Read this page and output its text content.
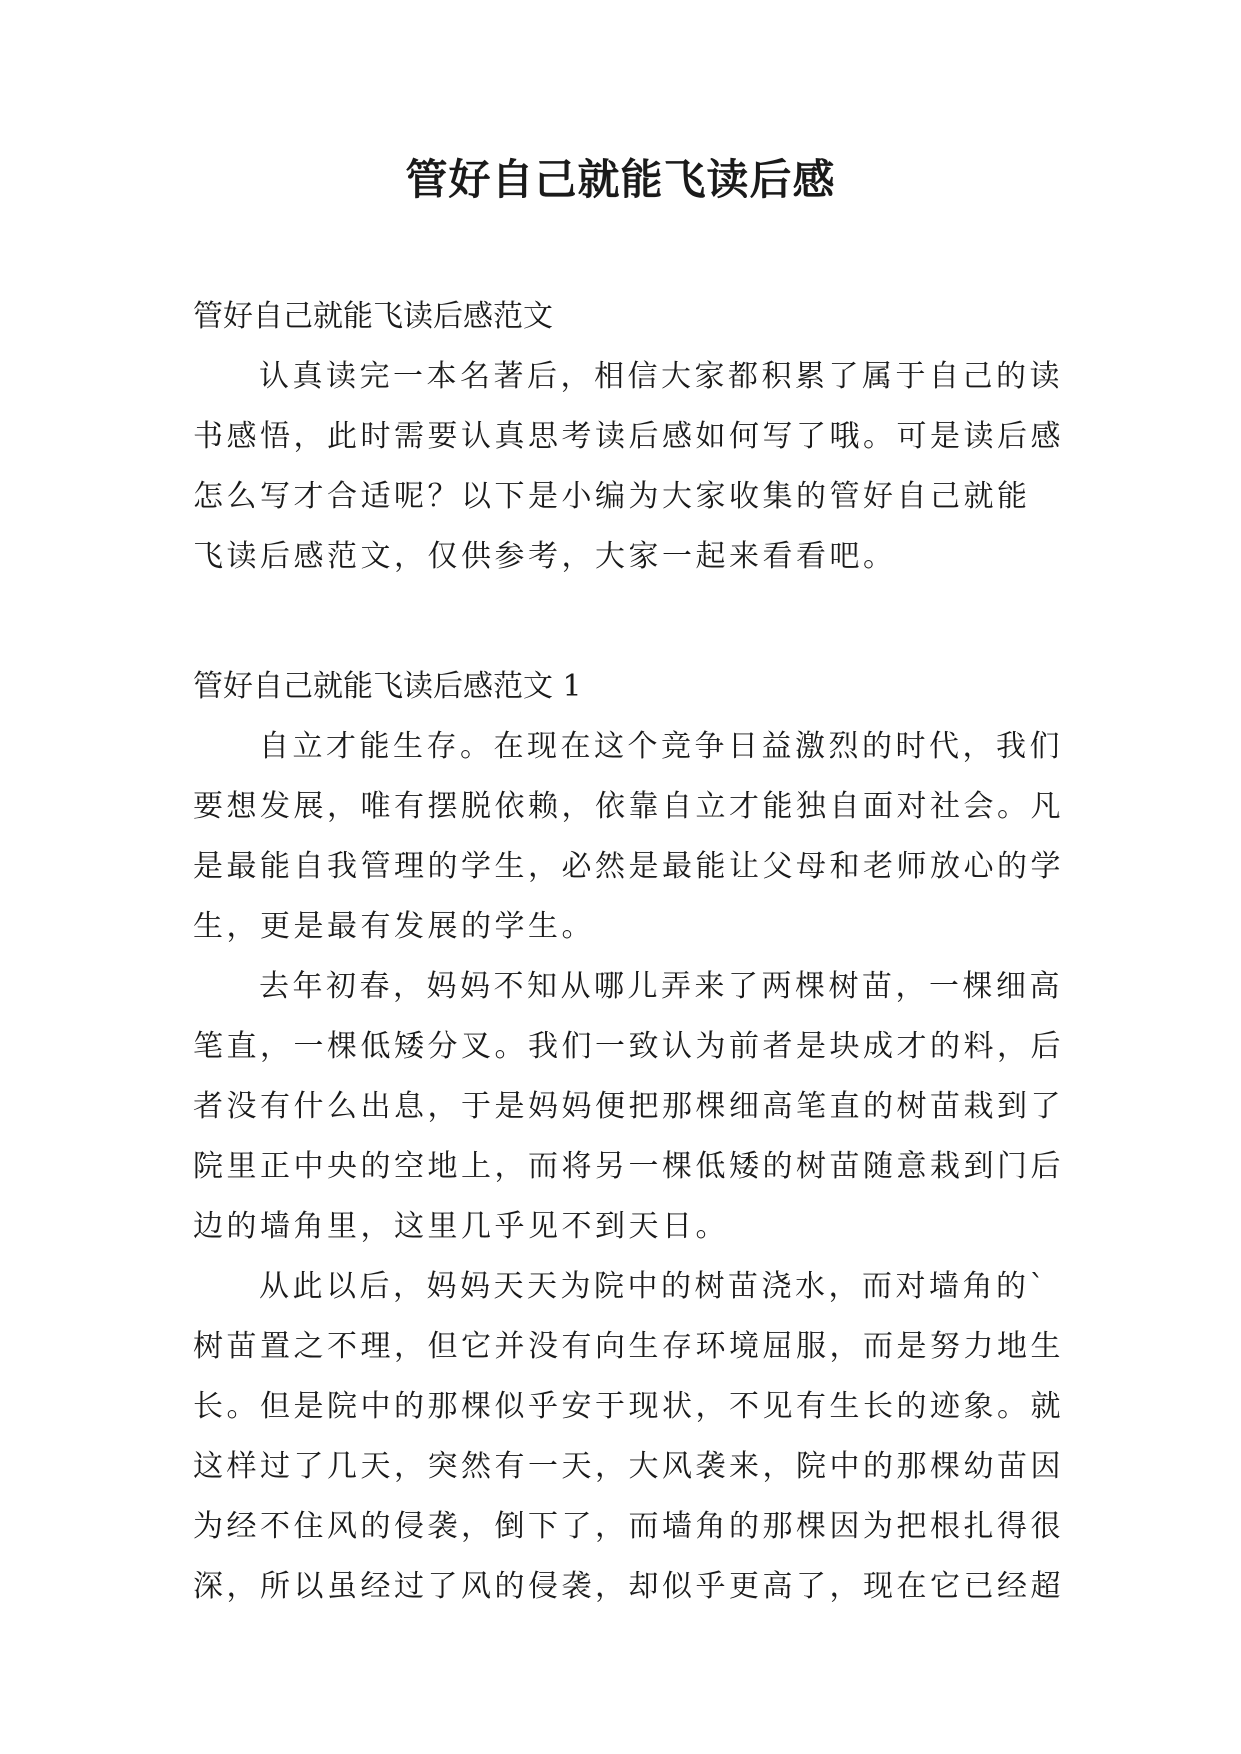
管好自己就能飞读后感

管好自己就能飞读后感范文

认真读完一本名著后，相信大家都积累了属于自己的读

书感悟，此时需要认真思考读后感如何写了哦。可是读后感

怎么写才合适呢？以下是小编为大家收集的管好自己就能

飞读后感范文，仅供参考，大家一起来看看吧。

管好自己就能飞读后感范文 1

自立才能生存。在现在这个竞争日益激烈的时代，我们

要想发展，唯有摆脱依赖，依靠自立才能独自面对社会。凡

是最能自我管理的学生，必然是最能让父母和老师放心的学

生，更是最有发展的学生。

去年初春，妈妈不知从哪儿弄来了两棵树苗，一棵细高

笔直，一棵低矮分叉。我们一致认为前者是块成才的料，后

者没有什么出息，于是妈妈便把那棵细高笔直的树苗栽到了

院里正中央的空地上，而将另一棵低矮的树苗随意栽到门后

边的墙角里，这里几乎见不到天日。

从此以后，妈妈天天为院中的树苗浇水，而对墙角的`

树苗置之不理，但它并没有向生存环境屈服，而是努力地生

长。但是院中的那棵似乎安于现状，不见有生长的迹象。就

这样过了几天，突然有一天，大风袭来，院中的那棵幼苗因

为经不住风的侵袭，倒下了，而墙角的那棵因为把根扎得很

深，所以虽经过了风的侵袭，却似乎更高了，现在它已经超
